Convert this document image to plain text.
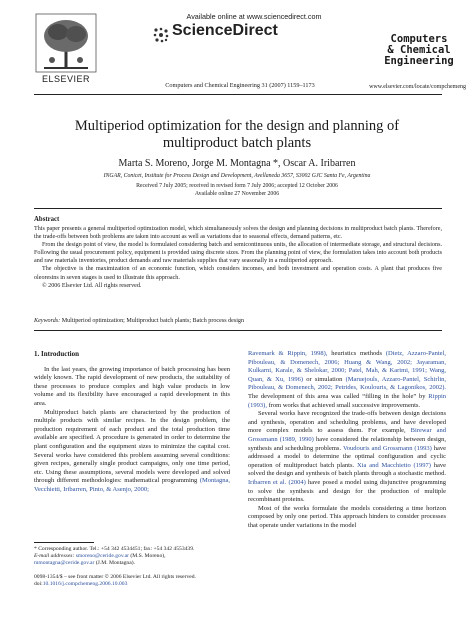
ELSEVIER
Available online at www.sciencedirect.com
ScienceDirect
Computers and Chemical Engineering 31 (2007) 1159–1173
Computers
& Chemical
Engineering
www.elsevier.com/locate/compchemeng
Multiperiod optimization for the design and planning of
multiproduct batch plants
Marta S. Moreno, Jorge M. Montagna *, Oscar A. Iribarren
INGAR, Conicet, Institute for Process Design and Development, Avellaneda 3657, S3002 GJC Santa Fe, Argentina
Received 7 July 2005; received in revised form 7 July 2006; accepted 12 October 2006
Available online 27 November 2006
Abstract

This paper presents a general multiperiod optimization model, which simultaneously solves the design and planning decisions in multiproduct batch plants. Therefore, the trade-offs between both problems are taken into account as well as variations due to seasonal effects, demand patterns, etc.

From the design point of view, the model is formulated considering batch and semicontinuous units, the allocation of intermediate storage, and structural decisions. Following the usual procurement policy, equipment is provided using discrete sizes. From the planning point of view, the formulation takes into account both products and raw materials inventories, product demands and raw materials supplies that vary seasonally in a multiperiod approach.

The objective is the maximization of an economic function, which considers incomes, and both investment and operation costs. A plant that produces five oleoresins in seven stages is used to illustrate this approach.

© 2006 Elsevier Ltd. All rights reserved.

Keywords: Multiperiod optimization; Multiproduct batch plants; Batch process design
1. Introduction

In the last years, the growing importance of batch processing has been widely known. The rapid development of new products, the suitability of these processes to produce complex and high value products in low volume and its flexibility have encouraged a rapid development in this area.

Multiproduct batch plants are characterized by the production of multiple products with similar recipes. In the design problem, the production requirement of each product and the total production time available are specified. A procedure is generated in order to determine the plant configuration and the equipment sizes to minimize the capital cost. Several works have considered this problem assuming several conditions: given recipes, generally single product campaigns, only one time period, etc. Using these assumptions, several models were developed and solved through different methodologies: mathematical programming (Montagna, Vecchietti, Iribarren, Pinto, & Asenjo, 2000;

Ravemark & Rippin, 1998), heuristics methods (Dietz, Azzaro-Pantel, Pibouleau, & Domenech, 2006; Huang & Wang, 2002; Jayaraman, Kulkarni, Karale, & Shelokar, 2000; Patel, Mah, & Karimi, 1991; Wang, Quan, & Xu, 1996) or simulation (Maruejouls, Azzaro-Pantel, Schirlin, Pibouleau, & Domenech, 2002; Petrides, Koulouris, & Lagonikos, 2002). The development of this area was called “filling in the hole” by Rippin (1993), from works that achieved small successive improvements.

Several works have recognized the trade-offs between design decisions and synthesis, operation and scheduling problems, and have developed more complex models to assess them. For example, Birewar and Grossmann (1989, 1990) have considered the relationship between design, synthesis and scheduling problems. Voudouris and Grossmann (1993) have addressed a model to determine the optimal configuration and cyclic operation of multiproduct batch plants. Xia and Macchietto (1997) have solved the design and synthesis of batch plants through a stochastic method. Iribarren et al. (2004) have posed a model using disjunctive programming to solve the synthesis and design for the production of multiple recombinant proteins.

Most of the works formulate the models considering a time horizon composed by only one period. This approach hinders to consider processes that operate under variations in the model

* Corresponding author. Tel.: +54 342 4534451; fax: +54 342 4553439.
E-mail addresses: smoreno@ceride.gov.ar (M.S. Moreno),
mmontagna@ceride.gov.ar (J.M. Montagna).
0098-1354/$ – see front matter © 2006 Elsevier Ltd. All rights reserved.
doi:10.1016/j.compchemeng.2006.10.003
